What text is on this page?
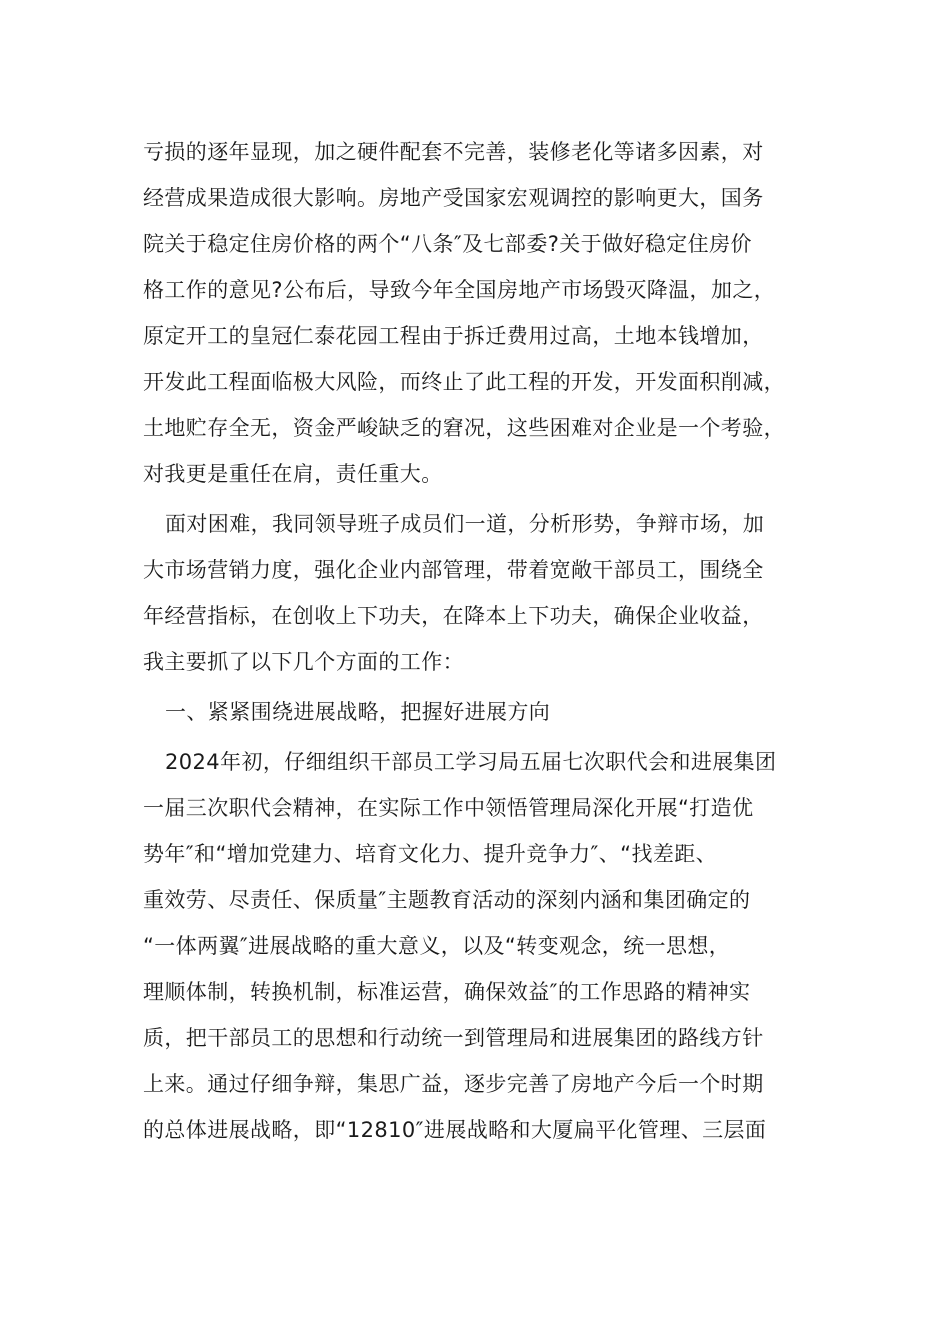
亏损的逐年显现，加之硬件配套不完善，装修老化等诸多因素，对
经营成果造成很大影响。房地产受国家宏观调控的影响更大，国务
院关于稳定住房价格的两个“八条″及七部委?关于做好稳定住房价
格工作的意见?公布后，导致今年全国房地产市场毁灭降温，加之，
原定开工的皇冠仁泰花园工程由于拆迁费用过高，土地本钱增加，
开发此工程面临极大风险，而终止了此工程的开发，开发面积削减，
土地贮存全无，资金严峻缺乏的窘况，这些困难对企业是一个考验，
对我更是重任在肩，责任重大。
面对困难，我同领导班子成员们一道，分析形势，争辩市场，加
大市场营销力度，强化企业内部管理，带着宽敞干部员工，围绕全
年经营指标，在创收上下功夫，在降本上下功夫，确保企业收益，
我主要抓了以下几个方面的工作：
一、紧紧围绕进展战略，把握好进展方向
2024年初，仔细组织干部员工学习局五届七次职代会和进展集团
一届三次职代会精神，在实际工作中领悟管理局深化开展“打造优
势年″和“增加党建力、培育文化力、提升竞争力″、“找差距、
重效劳、尽责任、保质量″主题教育活动的深刻内涵和集团确定的
“一体两翼″进展战略的重大意义，以及“转变观念，统一思想，
理顺体制，转换机制，标准运营，确保效益″的工作思路的精神实
质，把干部员工的思想和行动统一到管理局和进展集团的路线方针
上来。通过仔细争辩，集思广益，逐步完善了房地产今后一个时期
的总体进展战略，即“12810″进展战略和大厦扁平化管理、三层面
